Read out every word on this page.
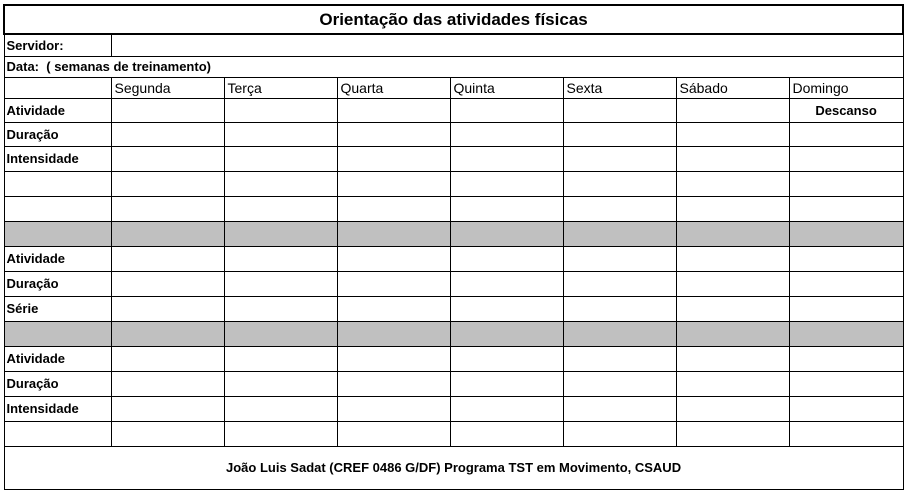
Orientação das atividades físicas							
Servidor:							
Data: ( semanas de treinamento)							
	Segunda	Terça	Quarta	Quinta	Sexta	Sábado	Domingo
Atividade							Descanso
Duração							
Intensidade							

Atividade							
Duração							
Série							

Atividade							
Duração							
Intensidade							

João Luis Sadat (CREF 0486 G/DF) Programa TST em Movimento, CSAUD							
